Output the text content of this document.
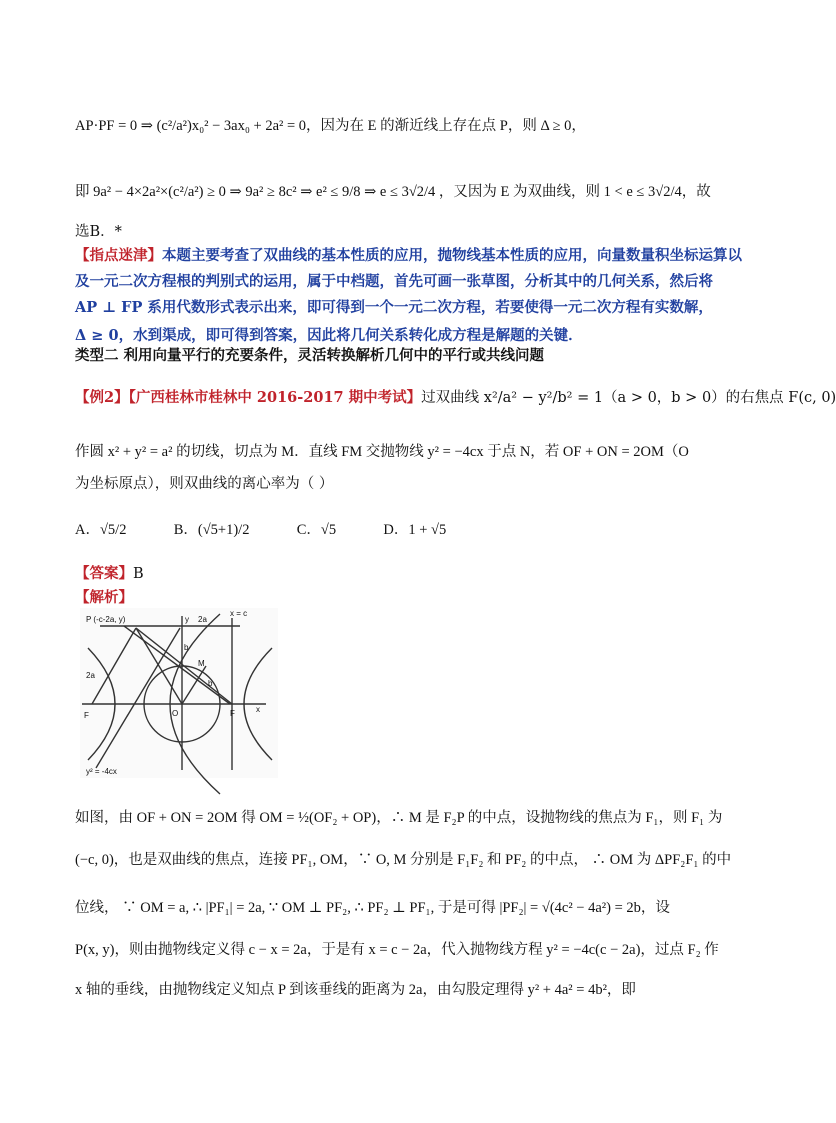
AP·PF = 0 ⇒ (c²/a²)x₀² − 3ax₀ + 2a² = 0，因为在 E 的渐近线上存在点 P，则 Δ ≥ 0，
即 9a² − 4×2a²×(c²/a²) ≥ 0 ⇒ 9a² ≥ 8c² ⇒ e² ≤ 9/8 ⇒ e ≤ 3√2/4 ，又因为 E 为双曲线，则 1 < e ≤ 3√2/4，故
选B．*
【指点迷津】本题主要考查了双曲线的基本性质的应用，抛物线基本性质的应用，向量数量积坐标运算以
及一元二次方程根的判别式的运用，属于中档题，首先可画一张草图，分析其中的几何关系，然后将
AP ⊥ FP 系用代数形式表示出来，即可得到一个一元二次方程，若要使得一元二次方程有实数解，
Δ ≥ 0，水到渠成，即可得到答案，因此将几何关系转化成方程是解题的关键．
类型二 利用向量平行的充要条件，灵活转换解析几何中的平行或共线问题
【例2】【广西桂林市桂林中 2016-2017 期中考试】过双曲线 x²/a² − y²/b² = 1（a > 0，b > 0）的右焦点 F(c, 0)
作圆 x² + y² = a² 的切线，切点为 M．直线 FM 交抛物线 y² = −4cx 于点 N，若 OF + ON = 2OM（O
为坐标原点），则双曲线的离心率为（ ）
A．√5/2	B．(√5+1)/2	C．√5	D．1 + √5
【答案】B
【解析】
P (-c-2a, y)	y 2a
x = c
b
b
M
2a
F	O	F	x
y² = -4cx
如图，由 OF + ON = 2OM 得 OM = ½(OF₂ + OP)，∴ M 是 F₂P 的中点，设抛物线的焦点为 F₁，则 F₁ 为
(−c, 0)，也是双曲线的焦点，连接 PF₁, OM，∵ O, M 分别是 F₁F₂ 和 PF₂ 的中点， ∴ OM 为 ΔPF₂F₁ 的中
位线， ∵ OM = a, ∴ |PF₁| = 2a, ∵ OM ⊥ PF₂, ∴ PF₂ ⊥ PF₁, 于是可得 |PF₂| = √(4c² − 4a²) = 2b，设
P(x, y)，则由抛物线定义得 c − x = 2a，于是有 x = c − 2a，代入抛物线方程 y² = −4c(c − 2a)，过点 F₂ 作
x 轴的垂线，由抛物线定义知点 P 到该垂线的距离为 2a，由勾股定理得 y² + 4a² = 4b²，即
